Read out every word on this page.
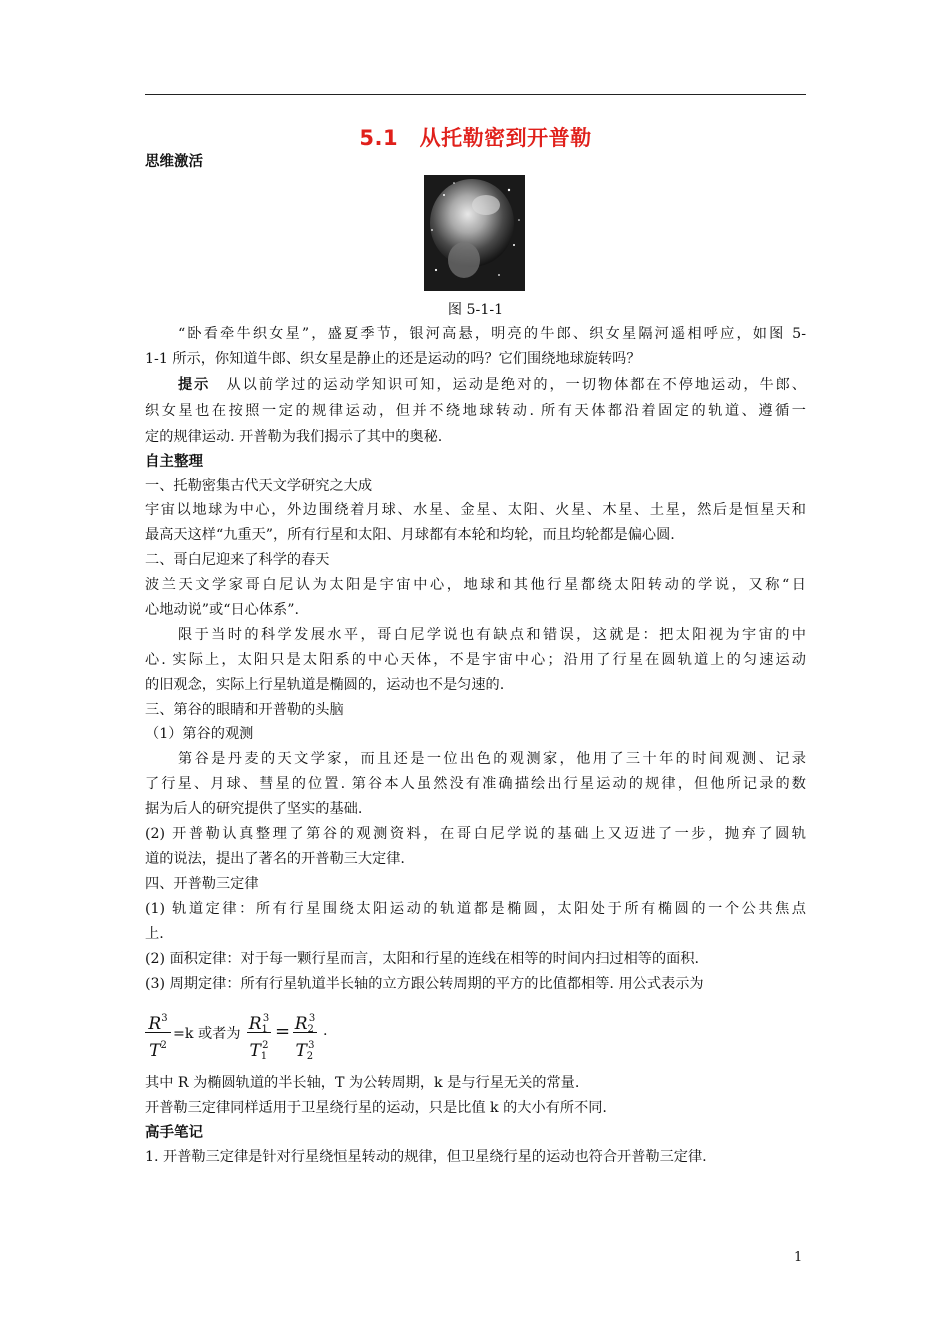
5.1　从托勒密到开普勒
思维激活
图 5-1-1
“卧看牵牛织女星”，盛夏季节，银河高悬，明亮的牛郎、织女星隔河遥相呼应，如图 5-
1-1 所示，你知道牛郎、织女星是静止的还是运动的吗？它们围绕地球旋转吗？
提示　从以前学过的运动学知识可知，运动是绝对的，一切物体都在不停地运动，牛郎、
织女星也在按照一定的规律运动，但并不绕地球转动. 所有天体都沿着固定的轨道、遵循一
定的规律运动. 开普勒为我们揭示了其中的奥秘.
自主整理
一、托勒密集古代天文学研究之大成
宇宙以地球为中心，外边围绕着月球、水星、金星、太阳、火星、木星、土星，然后是恒星天和
最高天这样“九重天”，所有行星和太阳、月球都有本轮和均轮，而且均轮都是偏心圆.
二、哥白尼迎来了科学的春天
波兰天文学家哥白尼认为太阳是宇宙中心，地球和其他行星都绕太阳转动的学说，又称“日
心地动说”或“日心体系”.
限于当时的科学发展水平，哥白尼学说也有缺点和错误，这就是：把太阳视为宇宙的中
心. 实际上，太阳只是太阳系的中心天体，不是宇宙中心；沿用了行星在圆轨道上的匀速运动
的旧观念，实际上行星轨道是椭圆的，运动也不是匀速的.
三、第谷的眼睛和开普勒的头脑
（1）第谷的观测
第谷是丹麦的天文学家，而且还是一位出色的观测家，他用了三十年的时间观测、记录
了行星、月球、彗星的位置. 第谷本人虽然没有准确描绘出行星运动的规律，但他所记录的数
据为后人的研究提供了坚实的基础.
(2) 开普勒认真整理了第谷的观测资料，在哥白尼学说的基础上又迈进了一步，抛弃了圆轨
道的说法，提出了著名的开普勒三大定律.
四、开普勒三定律
(1) 轨道定律：所有行星围绕太阳运动的轨道都是椭圆，太阳处于所有椭圆的一个公共焦点
上.
(2) 面积定律：对于每一颗行星而言，太阳和行星的连线在相等的时间内扫过相等的面积.
(3) 周期定律：所有行星轨道半长轴的立方跟公转周期的平方的比值都相等. 用公式表示为
$R^3$
$T^2$
=k 或者为 $R_1^3$
$T_1^2$
= $R_2^3$
$T_2^3$
.
其中 R 为椭圆轨道的半长轴，T 为公转周期，k 是与行星无关的常量.
开普勒三定律同样适用于卫星绕行星的运动，只是比值 k 的大小有所不同.
高手笔记
1. 开普勒三定律是针对行星绕恒星转动的规律，但卫星绕行星的运动也符合开普勒三定律.
1
